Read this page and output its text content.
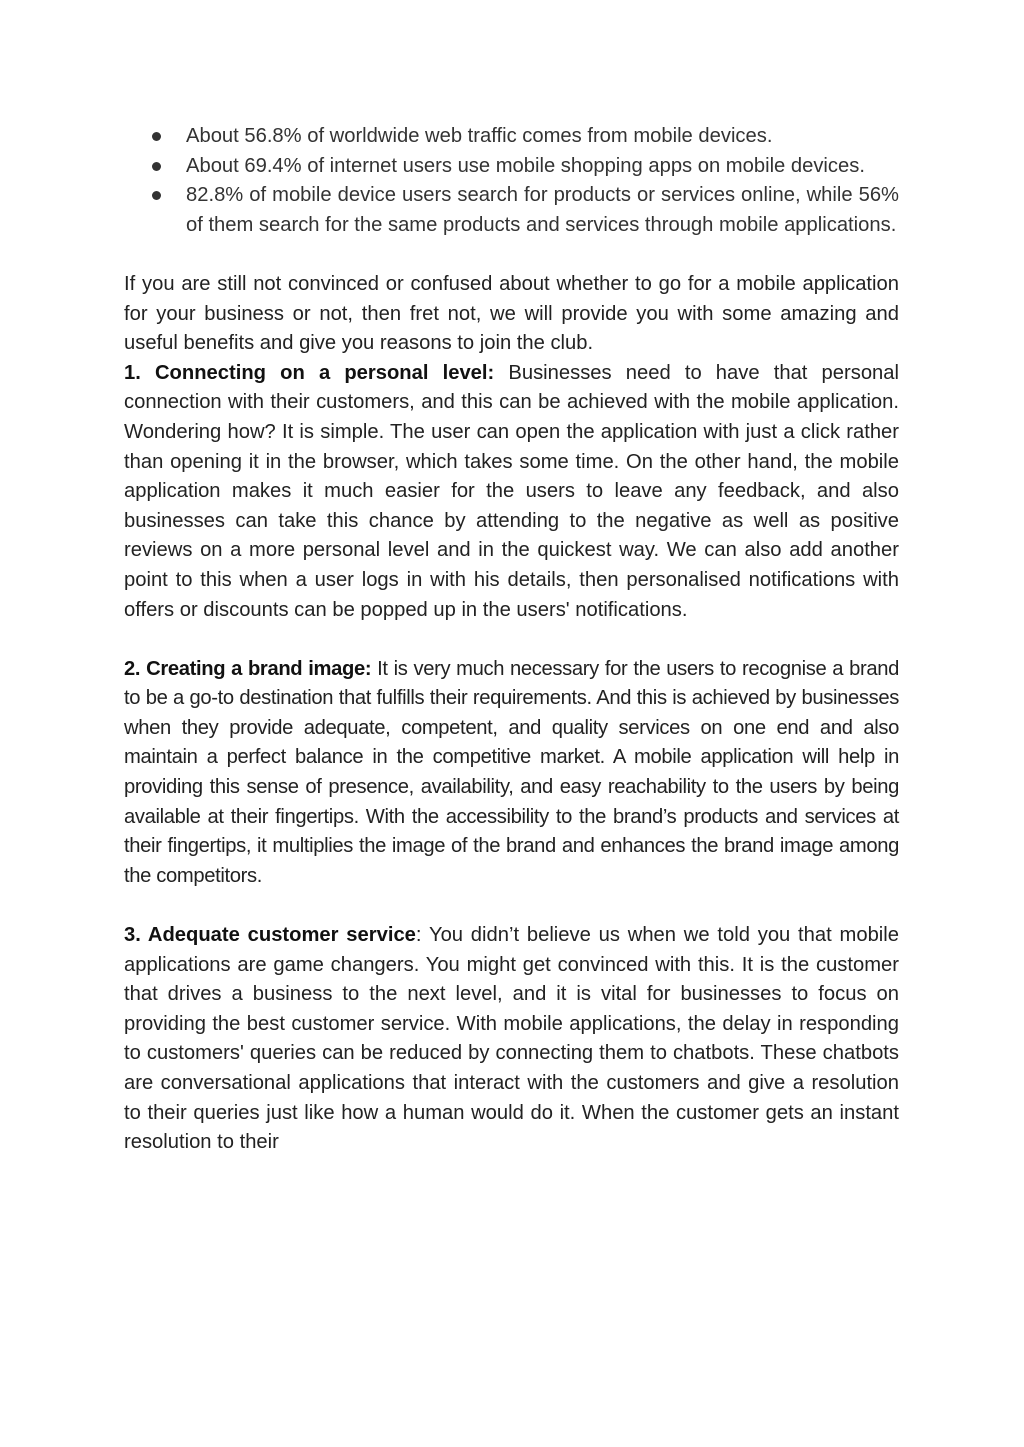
About 56.8% of worldwide web traffic comes from mobile devices.
About 69.4% of internet users use mobile shopping apps on mobile devices.
82.8% of mobile device users search for products or services online, while 56% of them search for the same products and services through mobile applications.

If you are still not convinced or confused about whether to go for a mobile application for your business or not, then fret not, we will provide you with some amazing and useful benefits and give you reasons to join the club.

1. Connecting on a personal level: Businesses need to have that personal connection with their customers, and this can be achieved with the mobile application. Wondering how? It is simple. The user can open the application with just a click rather than opening it in the browser, which takes some time. On the other hand, the mobile application makes it much easier for the users to leave any feedback, and also businesses can take this chance by attending to the negative as well as positive reviews on a more personal level and in the quickest way. We can also add another point to this when a user logs in with his details, then personalised notifications with offers or discounts can be popped up in the users' notifications.

2. Creating a brand image: It is very much necessary for the users to recognise a brand to be a go-to destination that fulfills their requirements. And this is achieved by businesses when they provide adequate, competent, and quality services on one end and also maintain a perfect balance in the competitive market. A mobile application will help in providing this sense of presence, availability, and easy reachability to the users by being available at their fingertips. With the accessibility to the brand’s products and services at their fingertips, it multiplies the image of the brand and enhances the brand image among the competitors.

3. Adequate customer service: You didn’t believe us when we told you that mobile applications are game changers. You might get convinced with this. It is the customer that drives a business to the next level, and it is vital for businesses to focus on providing the best customer service. With mobile applications, the delay in responding to customers' queries can be reduced by connecting them to chatbots. These chatbots are conversational applications that interact with the customers and give a resolution to their queries just like how a human would do it. When the customer gets an instant resolution to their
